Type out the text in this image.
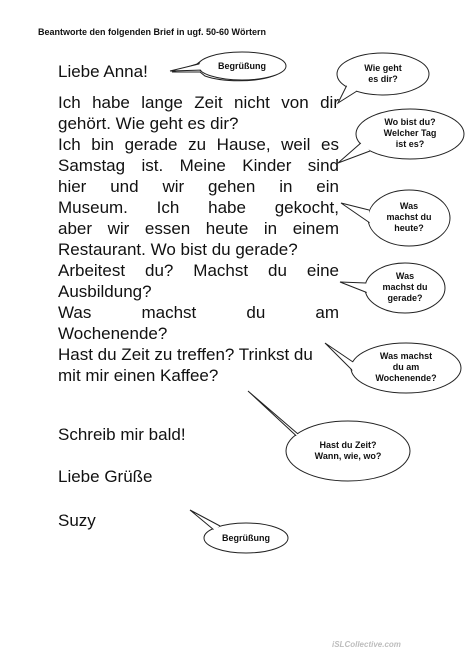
Beantworte den folgenden Brief in ugf. 50-60 Wörtern
Liebe Anna!
Ich habe lange Zeit nicht von dir
gehört. Wie geht es dir?
Ich bin gerade zu Hause, weil es
Samstag ist. Meine Kinder sind
hier und wir gehen in ein
Museum. Ich habe gekocht,
aber wir essen heute in einem
Restaurant. Wo bist du gerade?
Arbeitest du? Machst du eine
Ausbildung?
Was machst du am
Wochenende?
Hast du Zeit zu treffen? Trinkst du
mit mir einen Kaffee?
Schreib mir bald!
Liebe Grüße
Suzy
Begrüßung	Wie geht
es dir?
Wo bist du?
Welcher Tag
ist es?
Was
machst du
heute?
Was
machst du
gerade?
Was machst
du am
Wochenende?
Hast du Zeit?
Wann, wie, wo?
Begrüßung
iSLCollective.com
